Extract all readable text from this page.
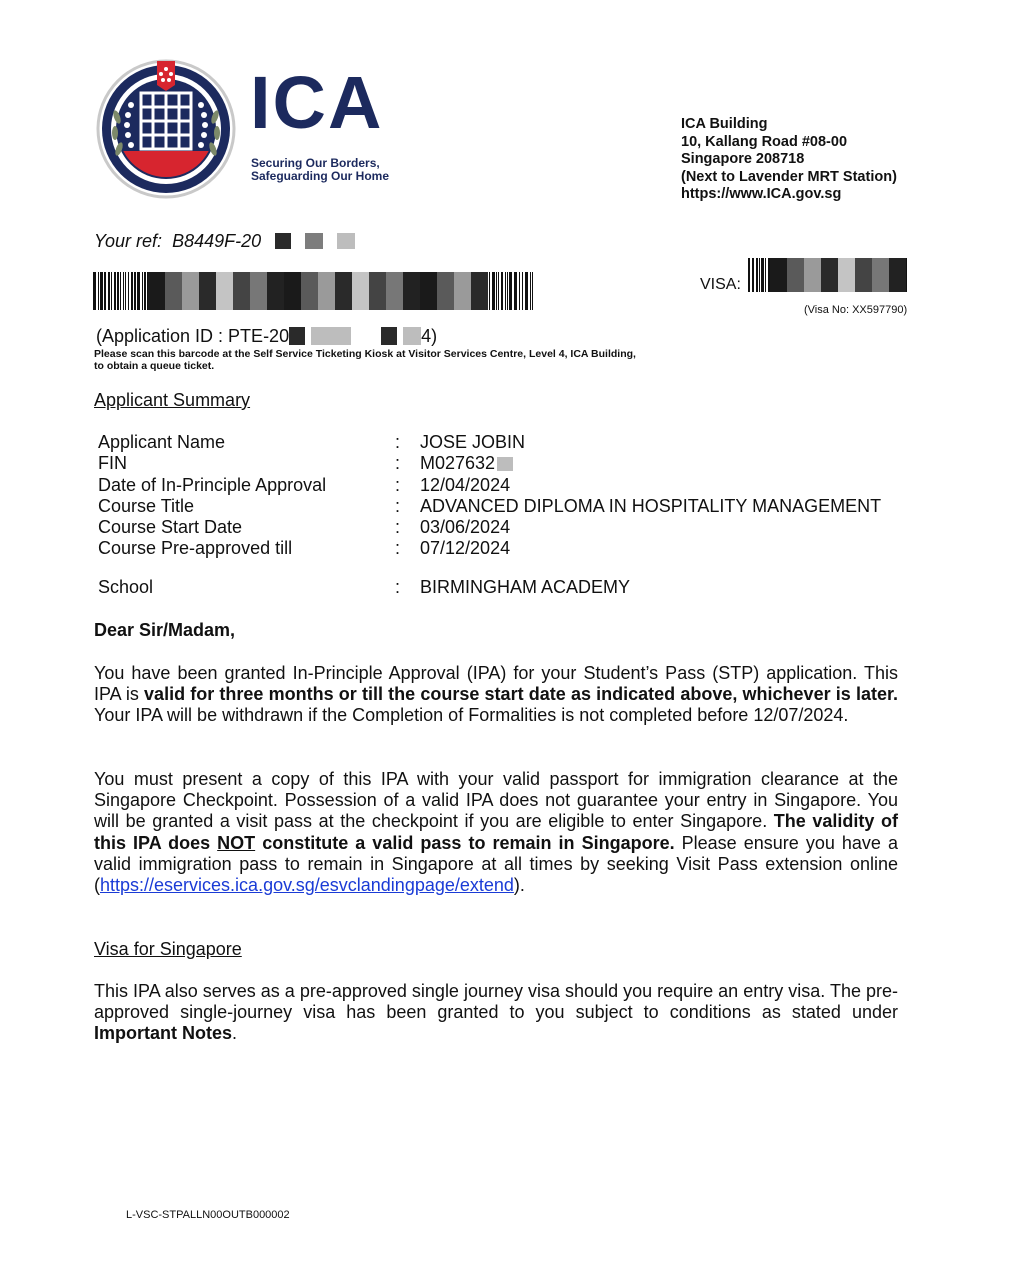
ICA
Securing Our Borders,
Safeguarding Our Home
ICA Building
10, Kallang Road #08-00
Singapore 208718
(Next to Lavender MRT Station)
https://www.ICA.gov.sg
Your ref: B8449F-20
VISA:
(Visa No: XX597790)
(Application ID : PTE-20	4)
Please scan this barcode at the Self Service Ticketing Kiosk at Visitor Services Centre, Level 4, ICA Building,
to obtain a queue ticket.
Applicant Summary
Applicant Name	:	JOSE JOBIN
FIN	:	M027632
Date of In-Principle Approval	:	12/04/2024
Course Title	:	ADVANCED DIPLOMA IN HOSPITALITY MANAGEMENT
Course Start Date	:	03/06/2024
Course Pre-approved till	:	07/12/2024
School	:	BIRMINGHAM ACADEMY
Dear Sir/Madam,
You have been granted In-Principle Approval (IPA) for your Student’s Pass (STP) application. This IPA is valid for three months or till the course start date as indicated above, whichever is later. Your IPA will be withdrawn if the Completion of Formalities is not completed before 12/07/2024.
You must present a copy of this IPA with your valid passport for immigration clearance at the Singapore Checkpoint. Possession of a valid IPA does not guarantee your entry in Singapore. You will be granted a visit pass at the checkpoint if you are eligible to enter Singapore. The validity of this IPA does NOT constitute a valid pass to remain in Singapore. Please ensure you have a valid immigration pass to remain in Singapore at all times by seeking Visit Pass extension online (https://eservices.ica.gov.sg/esvclandingpage/extend).
Visa for Singapore
This IPA also serves as a pre-approved single journey visa should you require an entry visa. The pre-approved single-journey visa has been granted to you subject to conditions as stated under Important Notes.
L-VSC-STPALLN00OUTB000002
